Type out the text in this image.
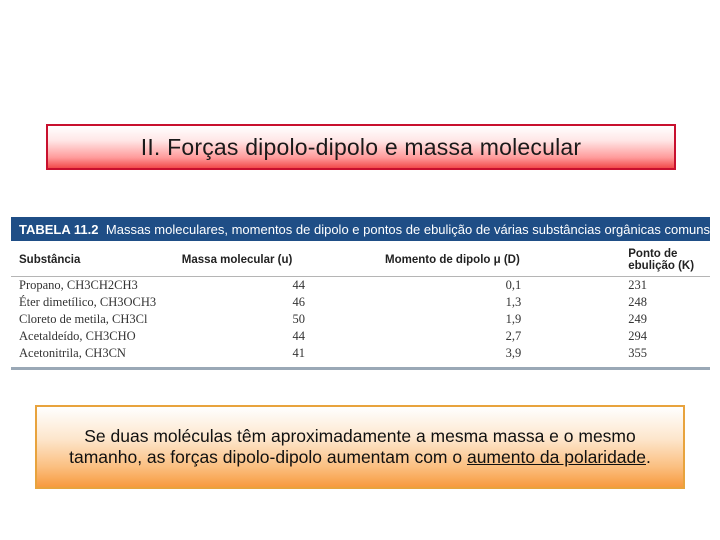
II. Forças dipolo-dipolo e massa molecular
TABELA 11.2 Massas moleculares, momentos de dipolo e pontos de ebulição de várias substâncias orgânicas comuns
Substância	Massa molecular (u)	Momento de dipolo μ (D)	Ponto de ebulição (K)
Propano, CH3CH2CH3	44	0,1	231
Éter dimetílico, CH3OCH3	46	1,3	248
Cloreto de metila, CH3Cl	50	1,9	249
Acetaldeído, CH3CHO	44	2,7	294
Acetonitrila, CH3CN	41	3,9	355
Se duas moléculas têm aproximadamente a mesma massa e o mesmo tamanho, as forças dipolo-dipolo aumentam com o aumento da polaridade.
